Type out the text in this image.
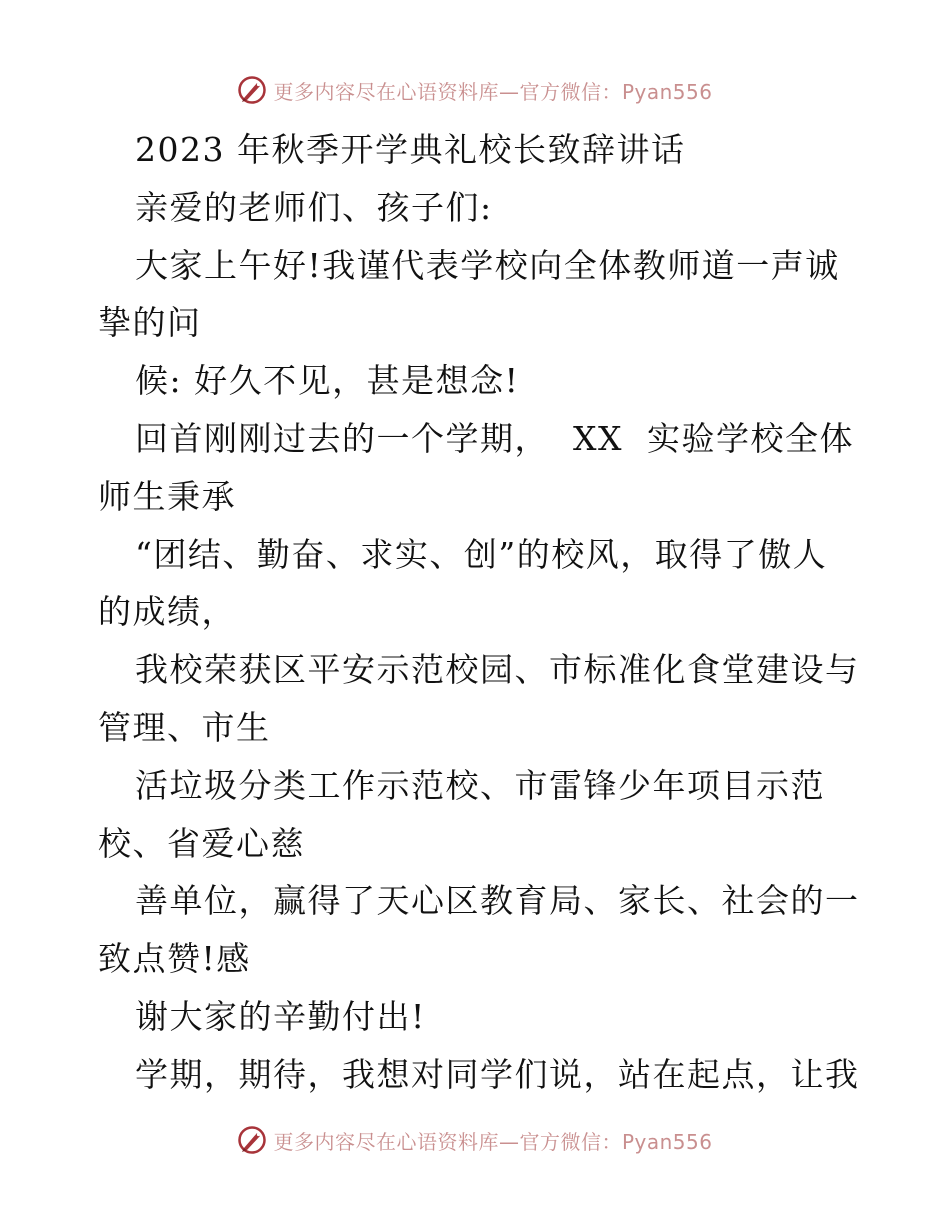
更多内容尽在心语资料库—官方微信：Pyan556
2023 年秋季开学典礼校长致辞讲话
亲爱的老师们、孩子们:
大家上午好!我谨代表学校向全体教师道一声诚
挚的问
候: 好久不见，甚是想念!
回首刚刚过去的一个学期，  XX  实验学校全体
师生秉承
“团结、勤奋、求实、创”的校风，取得了傲人
的成绩，
我校荣获区平安示范校园、市标准化食堂建设与
管理、市生
活垃圾分类工作示范校、市雷锋少年项目示范
校、省爱心慈
善单位，赢得了天心区教育局、家长、社会的一
致点赞!感
谢大家的辛勤付出!
学期，期待，我想对同学们说，站在起点，让我
更多内容尽在心语资料库—官方微信：Pyan556
